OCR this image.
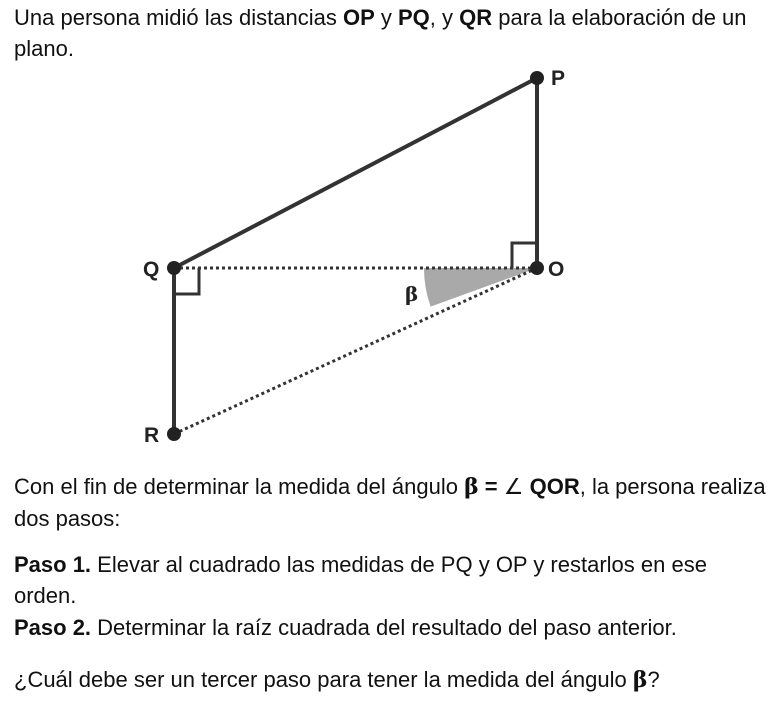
Una persona midió las distancias OP y PQ, y QR para la elaboración de un plano.

P
O
Q
R
β

Con el fin de determinar la medida del ángulo β = ∠ QOR, la persona realiza dos pasos:

Paso 1. Elevar al cuadrado las medidas de PQ y OP y restarlos en ese orden.

Paso 2. Determinar la raíz cuadrada del resultado del paso anterior.

¿Cuál debe ser un tercer paso para tener la medida del ángulo β?
